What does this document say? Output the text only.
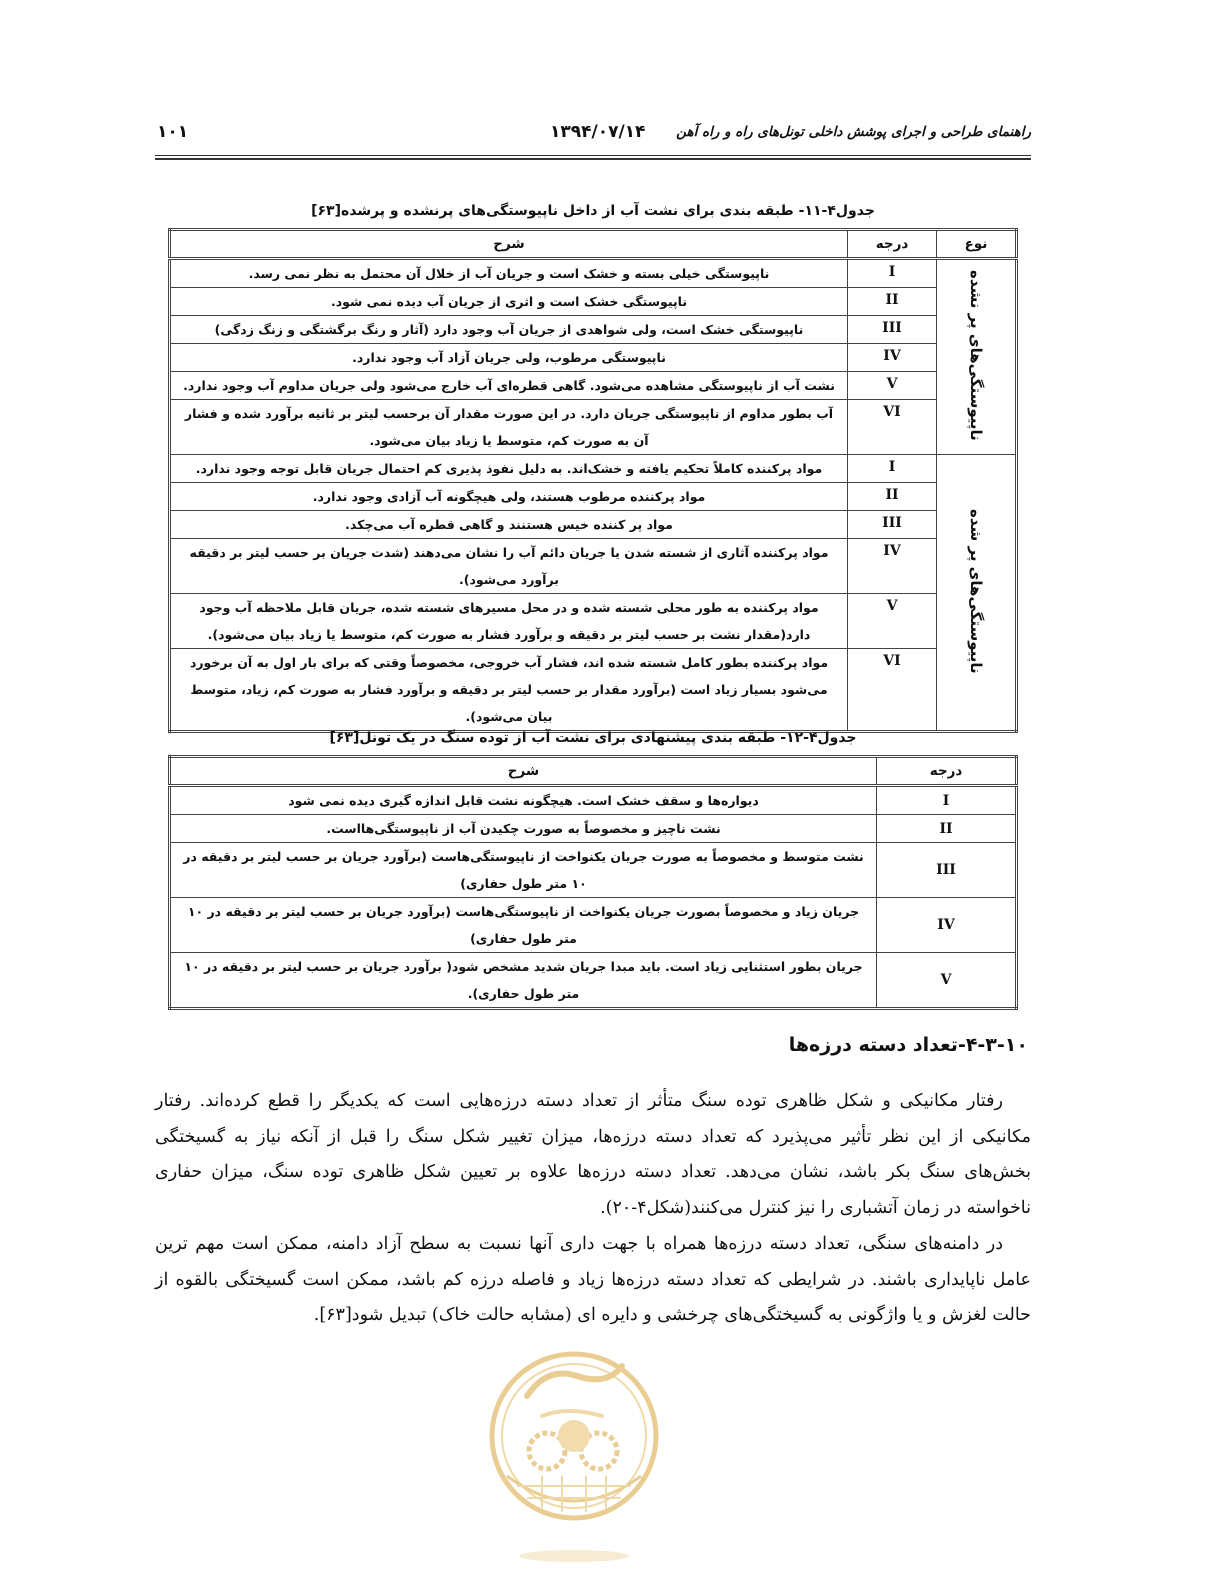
راهنمای طراحی و اجرای پوشش داخلی تونل‌های راه و راه آهن
۱۳۹۴/۰۷/۱۴
۱۰۱
جدول۴-۱۱- طبقه بندی برای نشت آب از داخل ناپیوستگی‌های پرنشده و پرشده[۶۳]
نوع	درجه	شرح
ناپیوستگی‌های پر نشده	I	ناپیوستگی خیلی بسته و خشک است و جریان آب از خلال آن محتمل به نظر نمی رسد.
	II	ناپیوستگی خشک است و اثری از جریان آب دیده نمی شود.
	III	ناپیوستگی خشک است، ولی شواهدی از جریان آب وجود دارد (آثار و رنگ برگشتگی و زنگ زدگی)
	IV	ناپیوستگی مرطوب، ولی جریان آزاد آب وجود ندارد.
	V	نشت آب از ناپیوستگی مشاهده می‌شود. گاهی قطره‌ای آب خارج می‌شود ولی جریان مداوم آب وجود ندارد.
	VI	آب بطور مداوم از ناپیوستگی جریان دارد. در این صورت مقدار آن برحسب لیتر بر ثانیه برآورد شده و فشار آن به صورت کم، متوسط یا زیاد بیان می‌شود.
ناپیوستگی‌های پر شده	I	مواد پرکننده کاملاً تحکیم یافته و خشک‌اند. به دلیل نفوذ پذیری کم احتمال جریان قابل توجه وجود ندارد.
	II	مواد پرکننده مرطوب هستند، ولی هیچگونه آب آزادی وجود ندارد.
	III	مواد پر کننده خیس هستنند و گاهی قطره آب می‌چکد.
	IV	مواد پرکننده آثاری از شسته شدن یا جریان دائم آب را نشان می‌دهند (شدت جریان بر حسب لیتر بر دقیقه برآورد می‌شود).
	V	مواد پرکننده به طور محلی شسته شده و در محل مسیرهای شسته شده، جریان قابل ملاحظه آب وجود دارد(مقدار نشت بر حسب لیتر بر دقیقه و برآورد فشار به صورت کم، متوسط یا زیاد بیان می‌شود).
	VI	مواد پرکننده بطور کامل شسته شده اند، فشار آب خروجی، مخصوصاً وقتی که برای بار اول به آن برخورد می‌شود بسیار زیاد است (برآورد مقدار بر حسب لیتر بر دقیقه و برآورد فشار به صورت کم، زیاد، متوسط بیان می‌شود).
جدول۴-۱۲- طبقه بندی پیشنهادی برای نشت آب از توده سنگ در یک تونل[۶۳]
درجه	شرح
I	دیواره‌ها و سقف خشک است. هیچگونه نشت قابل اندازه گیری دیده نمی شود
II	نشت ناچیز و مخصوصاً به صورت چکیدن آب از ناپیوستگی‌هااست.
III	نشت متوسط و مخصوصاً به صورت جریان یکنواخت از ناپیوستگی‌هاست (برآورد جریان بر حسب لیتر بر دقیقه در ۱۰ متر طول حفاری)
IV	جریان زیاد و مخصوصاً بصورت جریان یکنواخت از ناپیوستگی‌هاست (برآورد جریان بر حسب لیتر بر دقیقه در ۱۰ متر طول حفاری)
V	جریان بطور استثنایی زیاد است. باید مبدا جریان شدید مشخص شود( برآورد جریان بر حسب لیتر بر دقیقه در ۱۰ متر طول حفاری).
۴-۳-۱۰-تعداد دسته درزه‌ها
رفتار مکانیکی و شکل ظاهری توده سنگ متأثر از تعداد دسته درزه‌هایی است که یکدیگر را قطع کرده‌اند. رفتار مکانیکی از این نظر تأثیر می‌پذیرد که تعداد دسته درزه‌ها، میزان تغییر شکل سنگ را قبل از آنکه نیاز به گسیختگی بخش‌های سنگ بکر باشد، نشان می‌دهد. تعداد دسته درزه‌ها علاوه بر تعیین شکل ظاهری توده سنگ، میزان حفاری ناخواسته در زمان آتشباری را نیز کنترل می‌کنند(شکل۴-۲۰).
در دامنه‌های سنگی، تعداد دسته درزه‌ها همراه با جهت داری آنها نسبت به سطح آزاد دامنه، ممکن است مهم ترین عامل ناپایداری باشند. در شرایطی که تعداد دسته درزه‌ها زیاد و فاصله درزه کم باشد، ممکن است گسیختگی بالقوه از حالت لغزش و یا واژگونی به گسیختگی‌های چرخشی و دایره ای (مشابه حالت خاک) تبدیل شود[۶۳].
